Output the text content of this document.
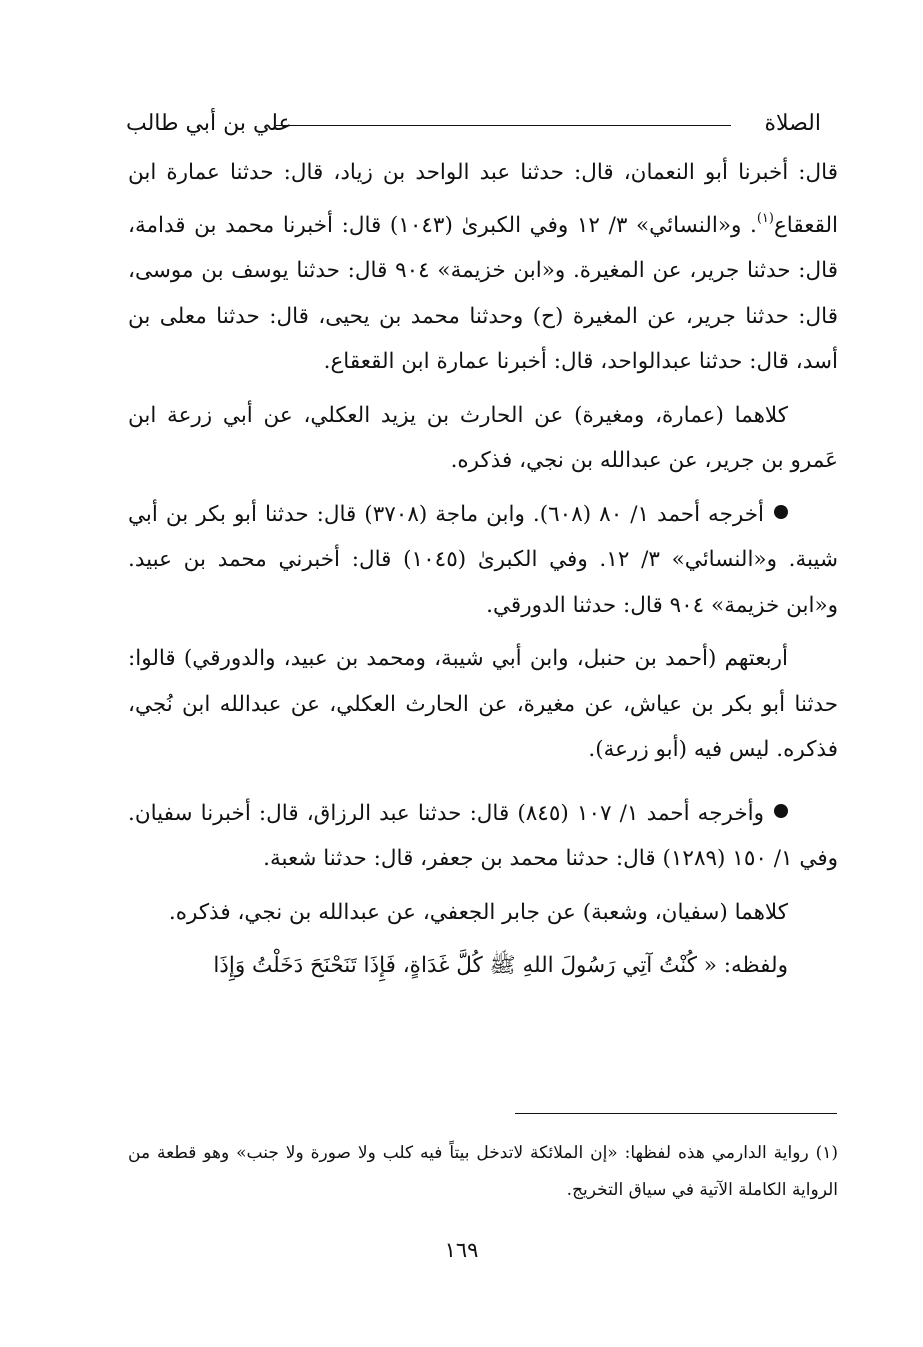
الصلاة
علي بن أبي طالب

قال: أخبرنا أبو النعمان، قال: حدثنا عبد الواحد بن زياد، قال: حدثنا عمارة ابن القعقاع$^{(١)}$. و«النسائي» ٣/ ١٢ وفي الكبرىٰ (١٠٤٣) قال: أخبرنا محمد بن قدامة، قال: حدثنا جرير، عن المغيرة. و«ابن خزيمة» ٩٠٤ قال: حدثنا يوسف بن موسى، قال: حدثنا جرير، عن المغيرة (ح) وحدثنا محمد بن يحيى، قال: حدثنا معلى بن أسد، قال: حدثنا عبدالواحد، قال: أخبرنا عمارة ابن القعقاع.

كلاهما (عمارة، ومغيرة) عن الحارث بن يزيد العكلي، عن أبي زرعة ابن عَمرو بن جرير، عن عبدالله بن نجي، فذكره.

أخرجه أحمد ١/ ٨٠ (٦٠٨). وابن ماجة (٣٧٠٨) قال: حدثنا أبو بكر بن أبي شيبة. و«النسائي» ٣/ ١٢. وفي الكبرىٰ (١٠٤٥) قال: أخبرني محمد بن عبيد. و«ابن خزيمة» ٩٠٤ قال: حدثنا الدورقي.

أربعتهم (أحمد بن حنبل، وابن أبي شيبة، ومحمد بن عبيد، والدورقي) قالوا: حدثنا أبو بكر بن عياش، عن مغيرة، عن الحارث العكلي، عن عبدالله ابن نُجي، فذكره. ليس فيه (أبو زرعة).

وأخرجه أحمد ١/ ١٠٧ (٨٤٥) قال: حدثنا عبد الرزاق، قال: أخبرنا سفيان. وفي ١/ ١٥٠ (١٢٨٩) قال: حدثنا محمد بن جعفر، قال: حدثنا شعبة.

كلاهما (سفيان، وشعبة) عن جابر الجعفي، عن عبدالله بن نجي، فذكره.

ولفظه: « كُنْتُ آتِي رَسُولَ اللهِ ﷺ كُلَّ غَدَاةٍ، فَإِذَا تَنَحْنَحَ دَخَلْتُ وَإِذَا

(١) رواية الدارمي هذه لفظها: «إن الملائكة لاتدخل بيتاً فيه كلب ولا صورة ولا جنب» وهو قطعة من الرواية الكاملة الآتية في سياق التخريج.

١٦٩
